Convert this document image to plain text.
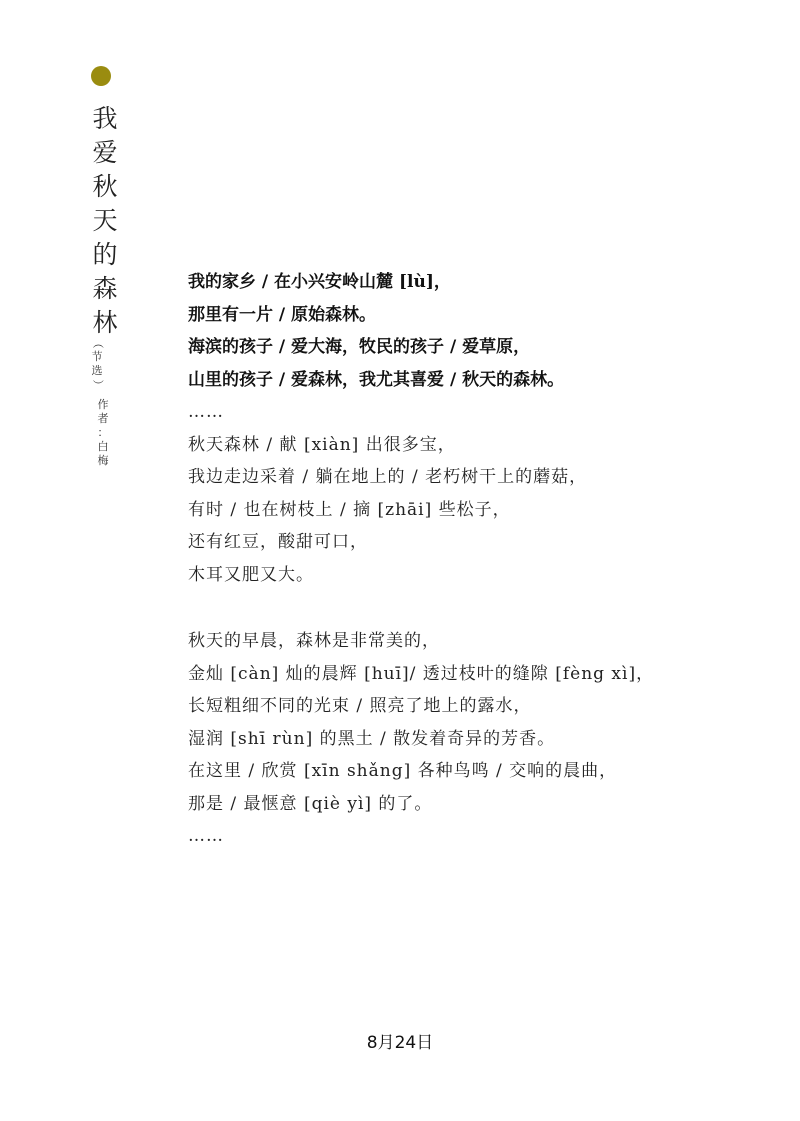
我
爱
秋
天
的
森
林
（
节
选
）
作
者
：
白
梅
我的家乡 / 在小兴安岭山麓 [lù]，
那里有一片 / 原始森林。
海滨的孩子 / 爱大海，牧民的孩子 / 爱草原，
山里的孩子 / 爱森林，我尤其喜爱 / 秋天的森林。
……
秋天森林 / 献 [xiàn] 出很多宝，
我边走边采着 / 躺在地上的 / 老朽树干上的蘑菇，
有时 / 也在树枝上 / 摘 [zhāi] 些松子，
还有红豆，酸甜可口，
木耳又肥又大。
秋天的早晨，森林是非常美的，
金灿 [càn] 灿的晨辉 [huī]/ 透过枝叶的缝隙 [fèng xì]，
长短粗细不同的光束 / 照亮了地上的露水，
湿润 [shī rùn] 的黑土 / 散发着奇异的芳香。
在这里 / 欣赏 [xīn shǎng] 各种鸟鸣 / 交响的晨曲，
那是 / 最惬意 [qiè yì] 的了。
……
8月24日
